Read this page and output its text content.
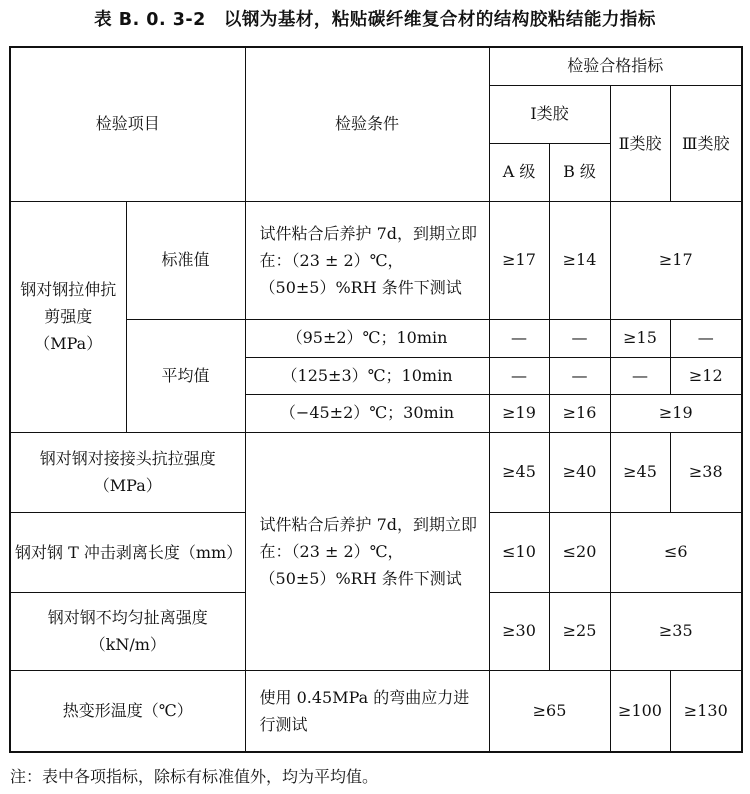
表 B. 0. 3-2　以钢为基材，粘贴碳纤维复合材的结构胶粘结能力指标
检验项目		检验条件	检验合格指标			
			Ⅰ类胶		Ⅱ类胶	Ⅲ类胶
			A 级	B 级		
钢对钢拉伸抗剪强度（MPa）	标准值	试件粘合后养护 7d，到期立即在：（23 ± 2）℃，（50±5）%RH 条件下测试	≥17	≥14	≥17	
	平均值	（95±2）℃；10min	—	—	≥15	—
		（125±3）℃；10min	—	—	—	≥12
		（−45±2）℃；30min	≥19	≥16	≥19	
钢对钢对接接头抗拉强度（MPa）		试件粘合后养护 7d，到期立即在：（23 ± 2）℃，（50±5）%RH 条件下测试	≥45	≥40	≥45	≥38
钢对钢 T 冲击剥离长度（mm）			≤10	≤20	≤6	
钢对钢不均匀扯离强度（kN/m）			≥30	≥25	≥35	
热变形温度（℃）		使用 0.45MPa 的弯曲应力进行测试	≥65		≥100	≥130
注：表中各项指标，除标有标准值外，均为平均值。
